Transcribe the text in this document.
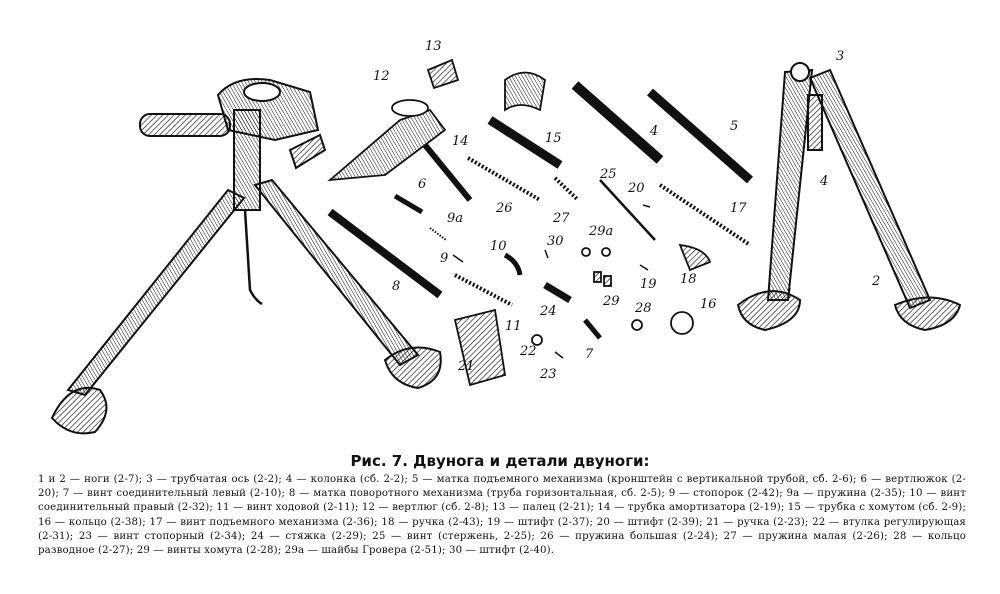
1
2
3
4
4	5
6
7
8
9
9a
10
11
12
13
14	15
16
17
18
19
20
21
22
23
24
25
26
27
28
29
29a
30
Рис. 7. Двунога и детали двуноги:
1 и 2 — ноги (2-7); 3 — трубчатая ось (2-2); 4 — колонка (сб. 2-2); 5 — матка подъемного механизма (кронштейн с вертикальной трубой, сб. 2-6); 6 — вертлюжок (2-20); 7 — винт соединительный левый (2-10); 8 — матка поворотного механизма (труба горизонтальная, сб. 2-5); 9 — стопорок (2-42); 9а — пружина (2-35); 10 — винт соединительный правый (2-32); 11 — винт ходовой (2-11); 12 — вертлюг (сб. 2-8); 13 — палец (2-21); 14 — трубка амортизатора (2-19); 15 — трубка с хомутом (сб. 2-9); 16 — кольцо (2-38); 17 — винт подъемного механизма (2-36); 18 — ручка (2-43); 19 — штифт (2-37); 20 — штифт (2-39); 21 — ручка (2-23); 22 — втулка регулирующая (2-31); 23 — винт стопорный (2-34); 24 — стяжка (2-29); 25 — винт (стержень, 2-25); 26 — пружина большая (2-24); 27 — пружина малая (2-26); 28 — кольцо разводное (2-27); 29 — винты хомута (2-28); 29а — шайбы Гровера (2-51); 30 — штифт (2-40).
